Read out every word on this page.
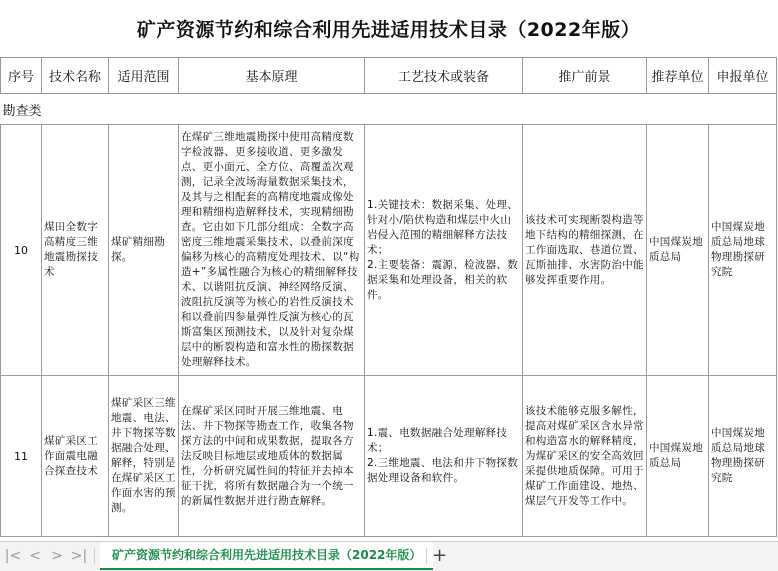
矿产资源节约和综合利用先进适用技术目录（2022年版）							
序号	技术名称	适用范围	基本原理	工艺技术或装备	推广前景	推荐单位	申报单位
勘查类							
10	煤田全数字高精度三维地震勘探技术	煤矿精细勘探。	在煤矿三维地震勘探中使用高精度数字检波器、更多接收道、更多激发点、更小面元、全方位、高覆盖次观测，记录全波场海量数据采集技术，及其与之相配套的高精度地震成像处理和精细构造解释技术，实现精细勘查。它由如下几部分组成：全数字高密度三维地震采集技术、以叠前深度偏移为核心的高精度处理技术、以“构造+”多属性融合为核心的精细解释技术、以谐阻抗反演、神经网络反演、波阻抗反演等为核心的岩性反演技术和以叠前四参量弹性反演为核心的瓦斯富集区预测技术，以及针对复杂煤层中的断裂构造和富水性的勘探数据处理解释技术。	1.关键技术：数据采集、处理、针对小/陷伏构造和煤层中火山岩侵入范围的精细解释方法技术；
2.主要装备：震源、检波器、数据采集和处理设备，相关的软件。	该技术可实现断裂构造等地下结构的精细探测，在工作面选取、巷道位置、瓦斯抽排、水害防治中能够发挥重要作用。	中国煤炭地质总局	中国煤炭地质总局地球物理勘探研究院
11	煤矿采区工作面震电融合探查技术	煤矿采区三维地震、电法、井下物探等数据融合处理、解释，特别是在煤矿采区工作面水害的预测。	在煤矿采区同时开展三维地震、电法、井下物探等勘查工作，收集各物探方法的中间和成果数据，提取各方法反映目标地层或地质体的数据属性，分析研究属性间的特征并去掉本征干扰，将所有数据融合为一个统一的新属性数据并进行勘查解释。	1.震、电数据融合处理解释技术；
2.三维地震、电法和井下物探数据处理设备和软件。	该技术能够克服多解性，提高对煤矿采区含水异常和构造富水的解释精度，为煤矿采区的安全高效回采提供地质保障。可用于煤矿工作面建设、地热、煤层气开发等工作中。	中国煤炭地质总局	中国煤炭地质总局地球物理勘探研究院
|< < > >|	矿产资源节约和综合利用先进适用技术目录（2022年版） +
